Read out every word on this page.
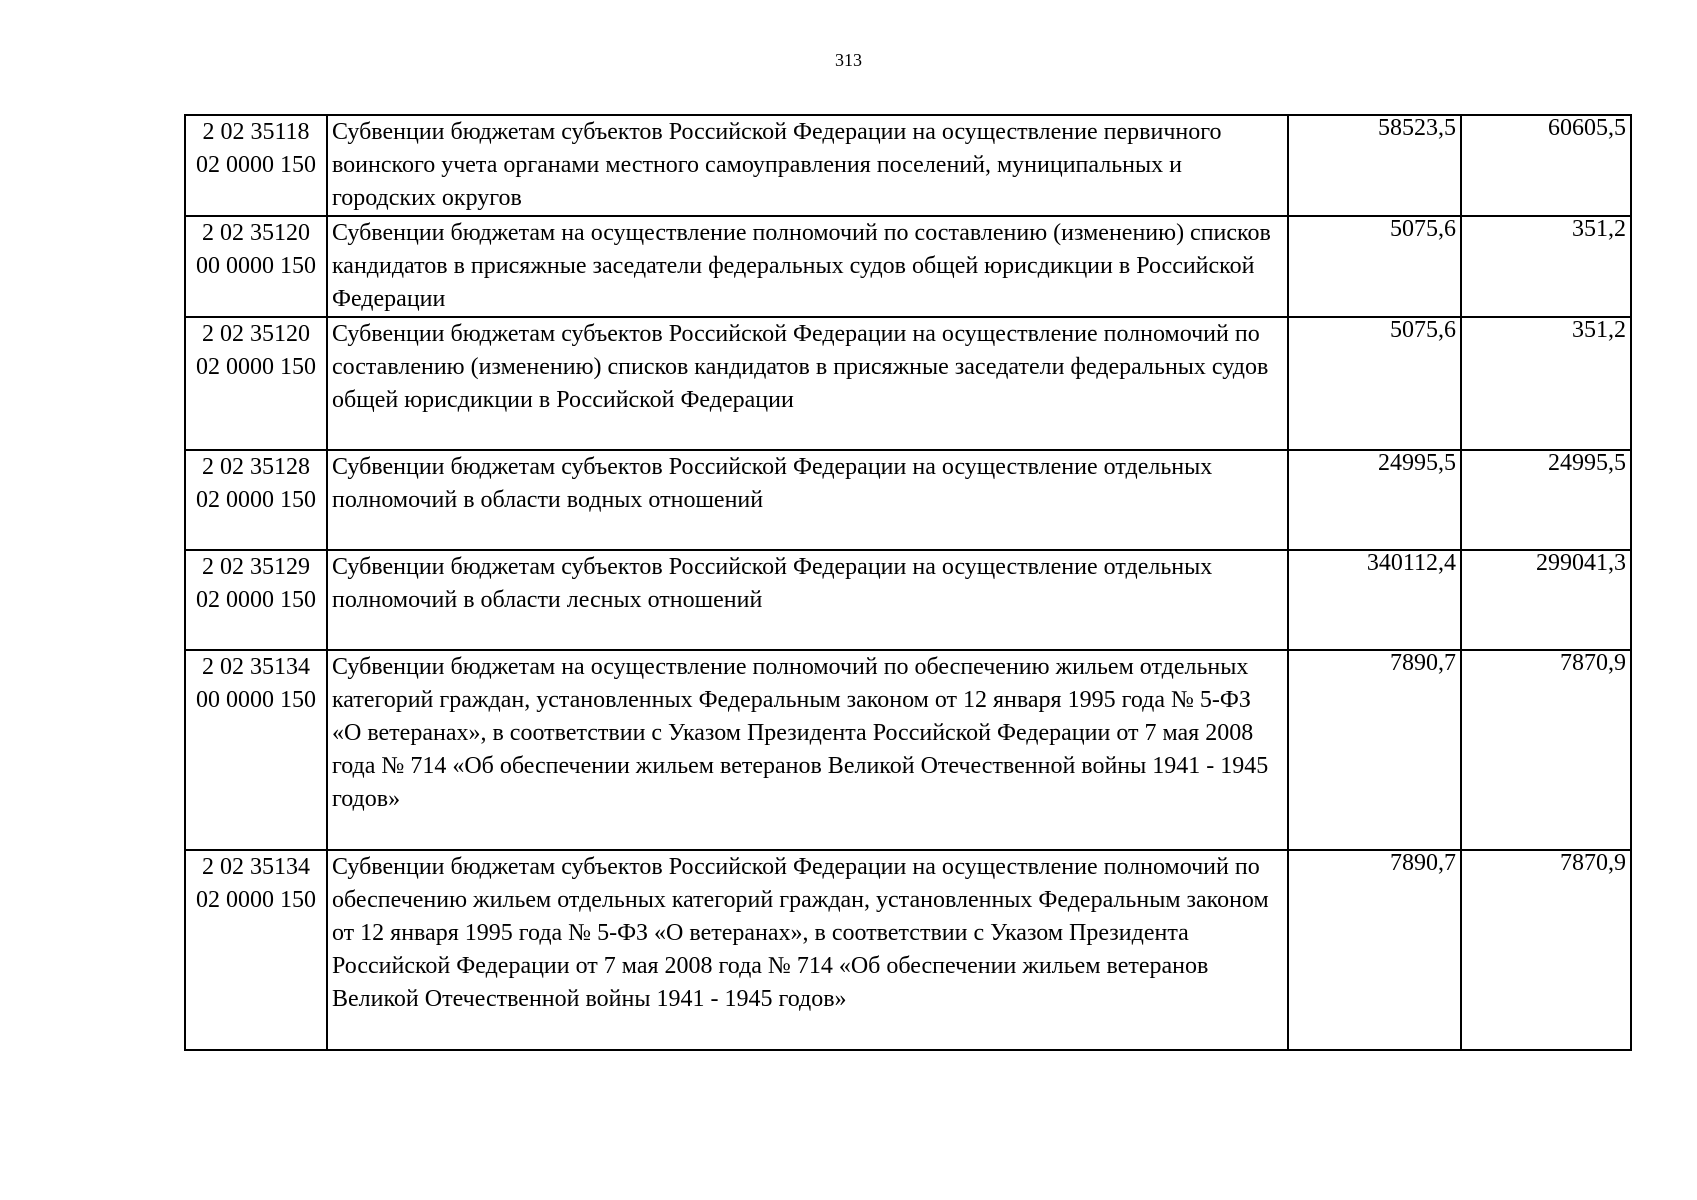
313
2 02 35118
02 0000 150	Субвенции бюджетам субъектов Российской Федерации на осуществление первичного воинского учета органами местного самоуправления поселений, муниципальных и городских округов	58523,5	60605,5

2 02 35120
00 0000 150	Субвенции бюджетам на осуществление полномочий по составлению (изменению) списков кандидатов в присяжные заседатели федеральных судов общей юрисдикции в Российской Федерации	5075,6	351,2

2 02 35120
02 0000 150	Субвенции бюджетам субъектов Российской Федерации на осуществление полномочий по составлению (изменению) списков кандидатов в присяжные заседатели федеральных судов общей юрисдикции в Российской Федерации	5075,6	351,2

2 02 35128
02 0000 150	Субвенции бюджетам субъектов Российской Федерации на осуществление отдельных полномочий в области водных отношений	24995,5	24995,5

2 02 35129
02 0000 150	Субвенции бюджетам субъектов Российской Федерации на осуществление отдельных полномочий в области лесных отношений	340112,4	299041,3

2 02 35134
00 0000 150	Субвенции бюджетам на осуществление полномочий по обеспечению жильем отдельных категорий граждан, установленных Федеральным законом от 12 января 1995 года № 5-ФЗ «О ветеранах», в соответствии с Указом Президента Российской Федерации от 7 мая 2008 года № 714 «Об обеспечении жильем ветеранов Великой Отечественной войны 1941 - 1945 годов»	7890,7	7870,9

2 02 35134
02 0000 150	Субвенции бюджетам субъектов Российской Федерации на осуществление полномочий по обеспечению жильем отдельных категорий граждан, установленных Федеральным законом от 12 января 1995 года № 5-ФЗ «О ветеранах», в соответствии с Указом Президента Российской Федерации от 7 мая 2008 года № 714 «Об обеспечении жильем ветеранов Великой Отечественной войны 1941 - 1945 годов»	7890,7	7870,9
